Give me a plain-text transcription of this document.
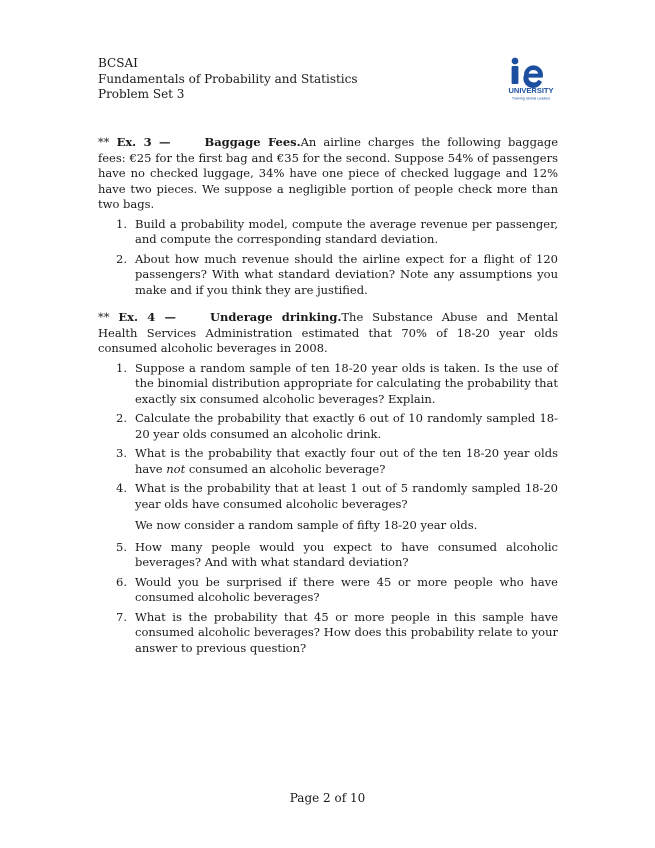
BCSAI
Fundamentals of Probability and Statistics
Problem Set 3	UNIVERSITY
Training Global Leaders
** Ex. 3 —	Baggage Fees.An airline charges the following baggage fees: €25 for the first bag and €35 for the second. Suppose 54% of passengers have no checked luggage, 34% have one piece of checked luggage and 12% have two pieces. We suppose a negligible portion of people check more than two bags.
1. Build a probability model, compute the average revenue per passenger, and compute the corresponding standard deviation.
2. About how much revenue should the airline expect for a flight of 120 passengers? With what standard deviation? Note any assumptions you make and if you think they are justified.
** Ex. 4 —	Underage drinking.The Substance Abuse and Mental Health Services Administration estimated that 70% of 18-20 year olds consumed alcoholic beverages in 2008.
1. Suppose a random sample of ten 18-20 year olds is taken. Is the use of the binomial distribution appropriate for calculating the probability that exactly six consumed alcoholic beverages? Explain.
2. Calculate the probability that exactly 6 out of 10 randomly sampled 18-20 year olds consumed an alcoholic drink.
3. What is the probability that exactly four out of the ten 18-20 year olds have not consumed an alcoholic beverage?
4. What is the probability that at least 1 out of 5 randomly sampled 18-20 year olds have consumed alcoholic beverages?
We now consider a random sample of fifty 18-20 year olds.
5. How many people would you expect to have consumed alcoholic beverages? And with what standard deviation?
6. Would you be surprised if there were 45 or more people who have consumed alcoholic beverages?
7. What is the probability that 45 or more people in this sample have consumed alcoholic beverages? How does this probability relate to your answer to previous question?
Page 2 of 10
